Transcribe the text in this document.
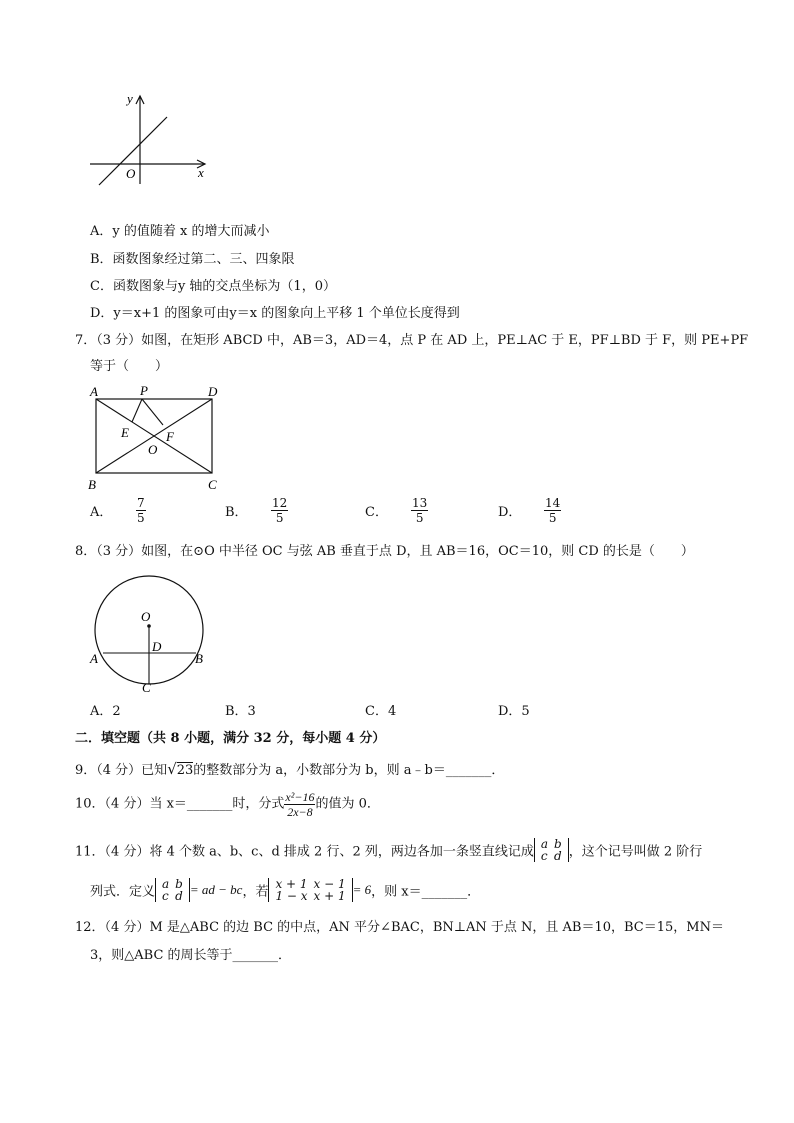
y
x
O
A．y 的值随着 x 的增大而减小
B．函数图象经过第二、三、四象限
C．函数图象与y 轴的交点坐标为（1，0）
D．y＝x+1 的图象可由y＝x 的图象向上平移 1 个单位长度得到
7．（3 分）如图，在矩形 ABCD 中，AB＝3，AD＝4，点 P 在 AD 上，PE⊥AC 于 E，PF⊥BD 于 F，则 PE+PF
等于（　　）
A	P	D
E	F
O
B	C
A． $\frac{7}{5}$	B． $\frac{12}{5}$	C． $\frac{13}{5}$	D． $\frac{14}{5}$
8．（3 分）如图，在⊙O 中半径 OC 与弦 AB 垂直于点 D，且 AB＝16，OC＝10，则 CD 的长是（　　）
O
D
A	B
C
A．2	B．3	C．4	D．5
二．填空题（共 8 小题，满分 32 分，每小题 4 分）
9．（4 分）已知√23的整数部分为 a，小数部分为 b，则 a﹣b＝_______．
10．（4 分）当 x＝_______时，分式 $\frac{\text{x²−16}}{2x-8}$ 的值为 0．
11．（4 分）将 4 个数 a、b、c、d 排成 2 行、2 列，两边各加一条竖直线记成
a	b
c	d ，这个记号叫做 2 阶行
列式．定义
a	b
c	d = ad − bc，若
x + 1	x − 1
1 − x	x + 1 = 6，则 x＝_______．
12．（4 分）M 是△ABC 的边 BC 的中点，AN 平分∠BAC，BN⊥AN 于点 N，且 AB＝10，BC＝15，MN＝
3，则△ABC 的周长等于_______．
